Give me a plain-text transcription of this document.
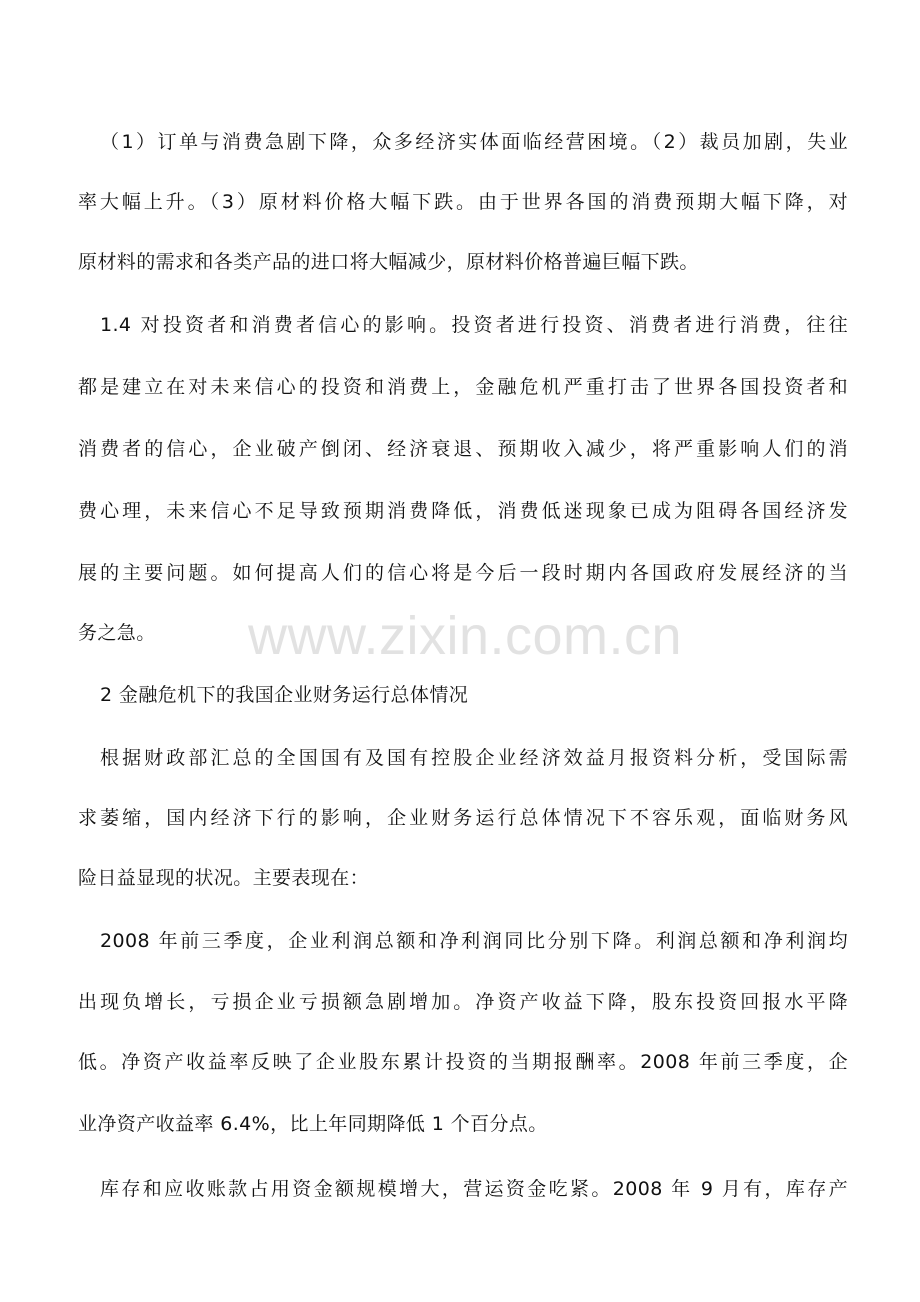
（1）订单与消费急剧下降，众多经济实体面临经营困境。（2）裁员加剧，失业
率大幅上升。（3）原材料价格大幅下跌。由于世界各国的消费预期大幅下降，对
原材料的需求和各类产品的进口将大幅减少，原材料价格普遍巨幅下跌。
1.4 对投资者和消费者信心的影响。投资者进行投资、消费者进行消费，往往
都是建立在对未来信心的投资和消费上，金融危机严重打击了世界各国投资者和
消费者的信心，企业破产倒闭、经济衰退、预期收入减少，将严重影响人们的消
费心理，未来信心不足导致预期消费降低，消费低迷现象已成为阻碍各国经济发
展的主要问题。如何提高人们的信心将是今后一段时期内各国政府发展经济的当
务之急。
2 金融危机下的我国企业财务运行总体情况
根据财政部汇总的全国国有及国有控股企业经济效益月报资料分析，受国际需
求萎缩，国内经济下行的影响，企业财务运行总体情况下不容乐观，面临财务风
险日益显现的状况。主要表现在：
2008 年前三季度，企业利润总额和净利润同比分别下降。利润总额和净利润均
出现负增长，亏损企业亏损额急剧增加。净资产收益下降，股东投资回报水平降
低。净资产收益率反映了企业股东累计投资的当期报酬率。2008 年前三季度，企
业净资产收益率 6.4%，比上年同期降低 1 个百分点。
库存和应收账款占用资金额规模增大，营运资金吃紧。2008 年 9 月有，库存产
www.zixin.com.cn
